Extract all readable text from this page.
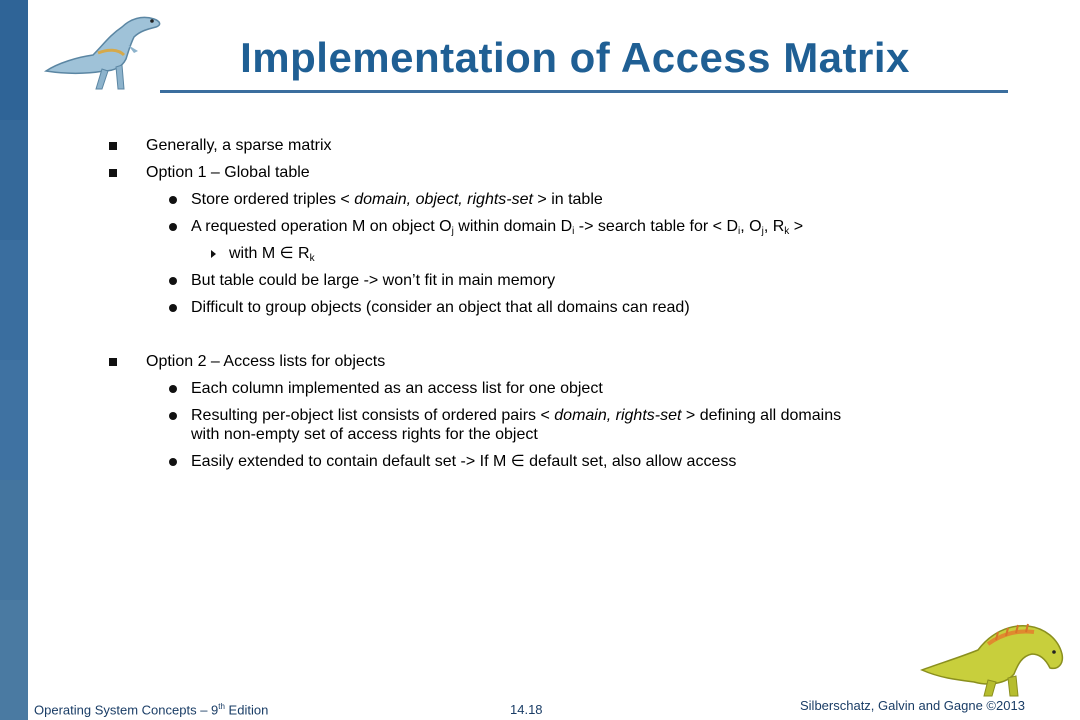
Implementation of Access Matrix
Generally, a sparse matrix
Option 1 – Global table
Store ordered triples < domain, object, rights-set > in table
A requested operation M on object $O_j$ within domain $D_i$ -> search table for < $D_i$, $O_j$, $R_k$ >
with M ∈ $R_k$
But table could be large -> won’t fit in main memory
Difficult to group objects (consider an object that all domains can read)
Option 2 – Access lists for objects
Each column implemented as an access list for one object
Resulting per-object list consists of ordered pairs < domain, rights-set > defining all domains
with non-empty set of access rights for the object
Easily extended to contain default set -> If M ∈ default set, also allow access
Operating System Concepts – 9th Edition	14.18	Silberschatz, Galvin and Gagne ©2013
